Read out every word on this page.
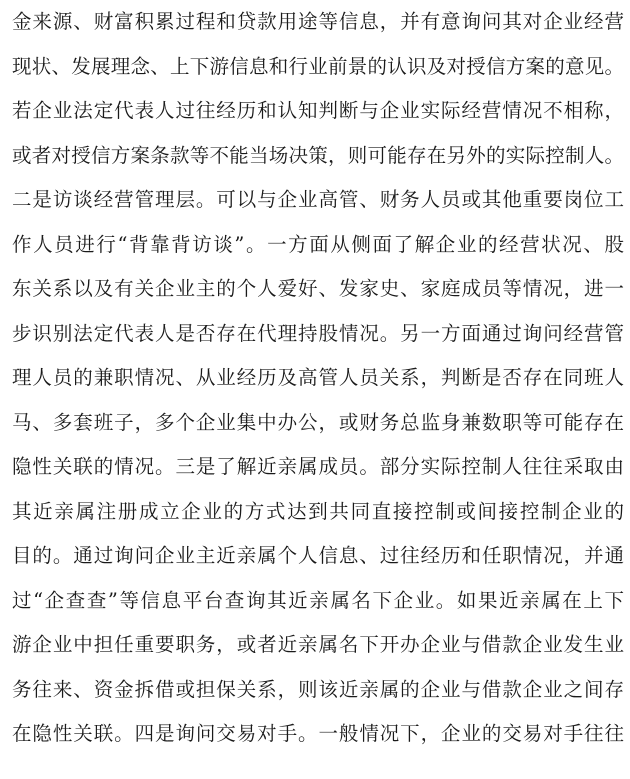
金来源、财富积累过程和贷款用途等信息，并有意询问其对企业经营
现状、发展理念、上下游信息和行业前景的认识及对授信方案的意见。
若企业法定代表人过往经历和认知判断与企业实际经营情况不相称，
或者对授信方案条款等不能当场决策，则可能存在另外的实际控制人。
二是访谈经营管理层。可以与企业高管、财务人员或其他重要岗位工
作人员进行“背靠背访谈”。一方面从侧面了解企业的经营状况、股
东关系以及有关企业主的个人爱好、发家史、家庭成员等情况，进一
步识别法定代表人是否存在代理持股情况。另一方面通过询问经营管
理人员的兼职情况、从业经历及高管人员关系，判断是否存在同班人
马、多套班子，多个企业集中办公，或财务总监身兼数职等可能存在
隐性关联的情况。三是了解近亲属成员。部分实际控制人往往采取由
其近亲属注册成立企业的方式达到共同直接控制或间接控制企业的
目的。通过询问企业主近亲属个人信息、过往经历和任职情况，并通
过“企查查”等信息平台查询其近亲属名下企业。如果近亲属在上下
游企业中担任重要职务，或者近亲属名下开办企业与借款企业发生业
务往来、资金拆借或担保关系，则该近亲属的企业与借款企业之间存
在隐性关联。四是询问交易对手。一般情况下，企业的交易对手往往
